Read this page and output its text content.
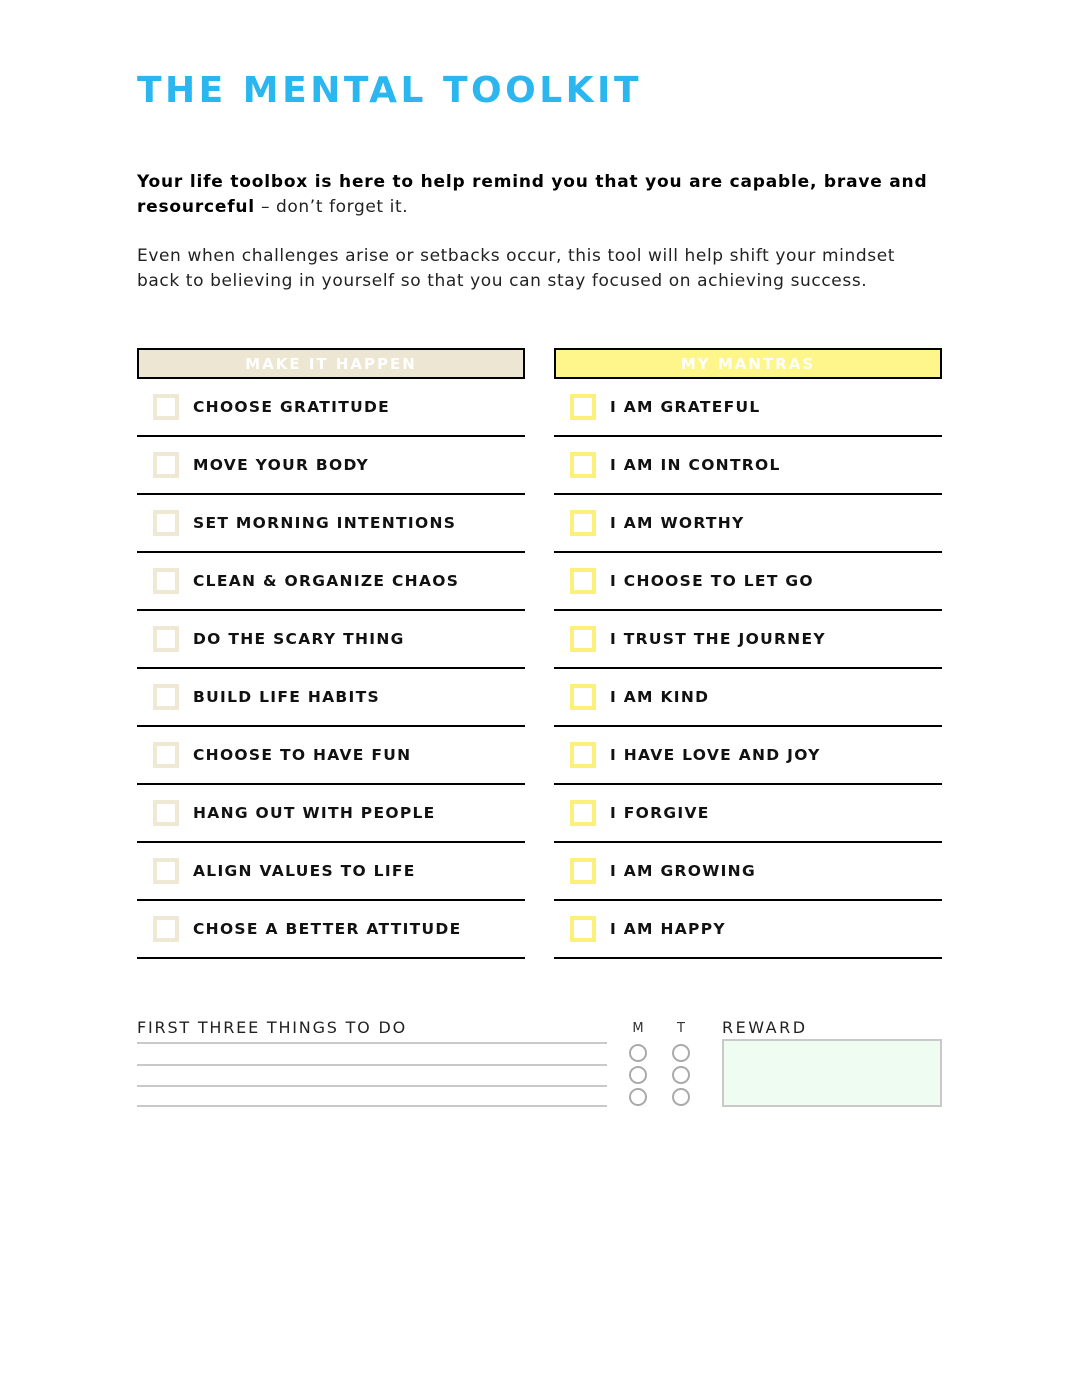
THE MENTAL TOOLKIT

Your life toolbox is here to help remind you that you are capable, brave and resourceful – don’t forget it.

Even when challenges arise or setbacks occur, this tool will help shift your mindset back to believing in yourself so that you can stay focused on achieving success.

MAKE IT HAPPEN
CHOOSE GRATITUDE
MOVE YOUR BODY
SET MORNING INTENTIONS
CLEAN & ORGANIZE CHAOS
DO THE SCARY THING
BUILD LIFE HABITS
CHOOSE TO HAVE FUN
HANG OUT WITH PEOPLE
ALIGN VALUES TO LIFE
CHOSE A BETTER ATTITUDE
MY MANTRAS
I AM GRATEFUL
I AM IN CONTROL
I AM WORTHY
I CHOOSE TO LET GO
I TRUST THE JOURNEY
I AM KIND
I HAVE LOVE AND JOY
I FORGIVE
I AM GROWING
I AM HAPPY
FIRST THREE THINGS TO DO	M	T	REWARD
